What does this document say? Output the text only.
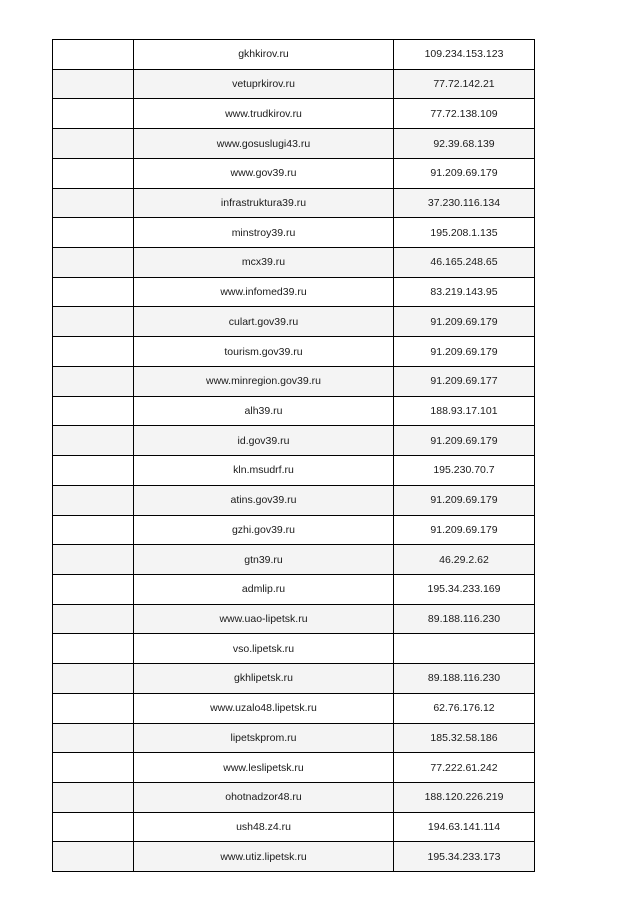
	gkhkirov.ru	109.234.153.123
	vetuprkirov.ru	77.72.142.21
	www.trudkirov.ru	77.72.138.109
	www.gosuslugi43.ru	92.39.68.139
	www.gov39.ru	91.209.69.179
	infrastruktura39.ru	37.230.116.134
	minstroy39.ru	195.208.1.135
	mcx39.ru	46.165.248.65
	www.infomed39.ru	83.219.143.95
	culart.gov39.ru	91.209.69.179
	tourism.gov39.ru	91.209.69.179
	www.minregion.gov39.ru	91.209.69.177
	alh39.ru	188.93.17.101
	id.gov39.ru	91.209.69.179
	kln.msudrf.ru	195.230.70.7
	atins.gov39.ru	91.209.69.179
	gzhi.gov39.ru	91.209.69.179
	gtn39.ru	46.29.2.62
	admlip.ru	195.34.233.169
	www.uao-lipetsk.ru	89.188.116.230
	vso.lipetsk.ru	
	gkhlipetsk.ru	89.188.116.230
	www.uzalo48.lipetsk.ru	62.76.176.12
	lipetskprom.ru	185.32.58.186
	www.leslipetsk.ru	77.222.61.242
	ohotnadzor48.ru	188.120.226.219
	ush48.z4.ru	194.63.141.114
	www.utiz.lipetsk.ru	195.34.233.173
